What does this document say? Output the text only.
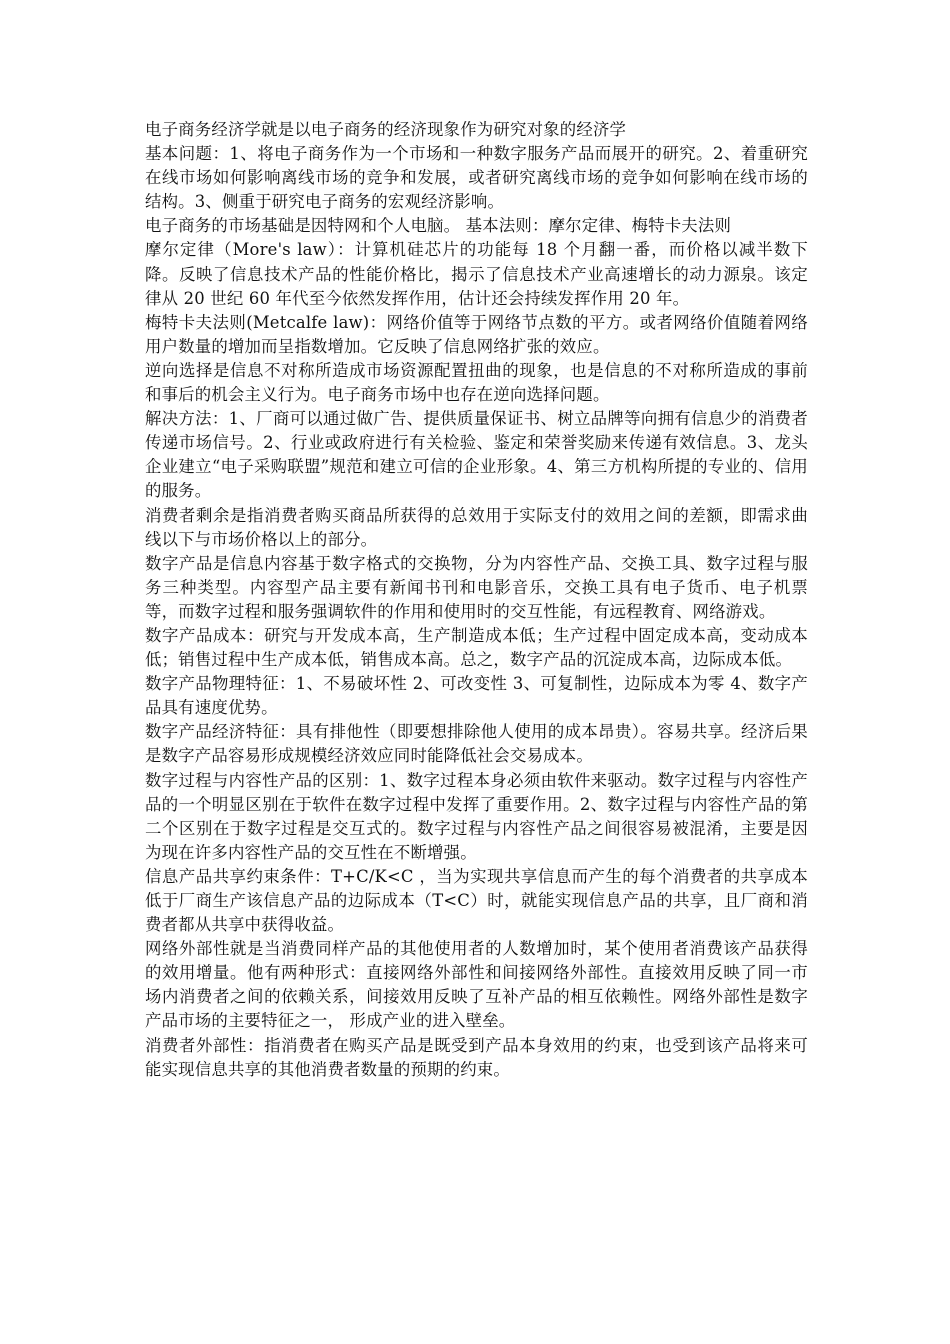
电子商务经济学就是以电子商务的经济现象作为研究对象的经济学

基本问题：1、将电子商务作为一个市场和一种数字服务产品而展开的研究。2、着重研究在线市场如何影响离线市场的竞争和发展，或者研究离线市场的竞争如何影响在线市场的结构。3、侧重于研究电子商务的宏观经济影响。

电子商务的市场基础是因特网和个人电脑。 基本法则：摩尔定律、梅特卡夫法则

摩尔定律（More's law）：计算机硅芯片的功能每 18 个月翻一番，而价格以减半数下降。反映了信息技术产品的性能价格比，揭示了信息技术产业高速增长的动力源泉。该定律从 20 世纪 60 年代至今依然发挥作用，估计还会持续发挥作用 20 年。

梅特卡夫法则(Metcalfe law)：网络价值等于网络节点数的平方。或者网络价值随着网络用户数量的增加而呈指数增加。它反映了信息网络扩张的效应。

逆向选择是信息不对称所造成市场资源配置扭曲的现象，也是信息的不对称所造成的事前和事后的机会主义行为。电子商务市场中也存在逆向选择问题。

解决方法：1、厂商可以通过做广告、提供质量保证书、树立品牌等向拥有信息少的消费者传递市场信号。2、行业或政府进行有关检验、鉴定和荣誉奖励来传递有效信息。3、龙头企业建立“电子采购联盟”规范和建立可信的企业形象。4、第三方机构所提的专业的、信用的服务。

消费者剩余是指消费者购买商品所获得的总效用于实际支付的效用之间的差额，即需求曲线以下与市场价格以上的部分。

数字产品是信息内容基于数字格式的交换物，分为内容性产品、交换工具、数字过程与服务三种类型。内容型产品主要有新闻书刊和电影音乐，交换工具有电子货币、电子机票等，而数字过程和服务强调软件的作用和使用时的交互性能，有远程教育、网络游戏。

数字产品成本：研究与开发成本高，生产制造成本低；生产过程中固定成本高，变动成本低；销售过程中生产成本低，销售成本高。总之，数字产品的沉淀成本高，边际成本低。

数字产品物理特征：1、不易破坏性 2、可改变性 3、可复制性，边际成本为零 4、数字产品具有速度优势。

数字产品经济特征：具有排他性（即要想排除他人使用的成本昂贵）。容易共享。经济后果是数字产品容易形成规模经济效应同时能降低社会交易成本。

数字过程与内容性产品的区别：1、数字过程本身必须由软件来驱动。数字过程与内容性产品的一个明显区别在于软件在数字过程中发挥了重要作用。2、数字过程与内容性产品的第二个区别在于数字过程是交互式的。数字过程与内容性产品之间很容易被混淆，主要是因为现在许多内容性产品的交互性在不断增强。

信息产品共享约束条件：T+C/K<C ，当为实现共享信息而产生的每个消费者的共享成本低于厂商生产该信息产品的边际成本（T<C）时，就能实现信息产品的共享，且厂商和消费者都从共享中获得收益。

网络外部性就是当消费同样产品的其他使用者的人数增加时，某个使用者消费该产品获得的效用增量。他有两种形式：直接网络外部性和间接网络外部性。直接效用反映了同一市场内消费者之间的依赖关系，间接效用反映了互补产品的相互依赖性。网络外部性是数字产品市场的主要特征之一， 形成产业的进入壁垒。

消费者外部性：指消费者在购买产品是既受到产品本身效用的约束，也受到该产品将来可能实现信息共享的其他消费者数量的预期的约束。
